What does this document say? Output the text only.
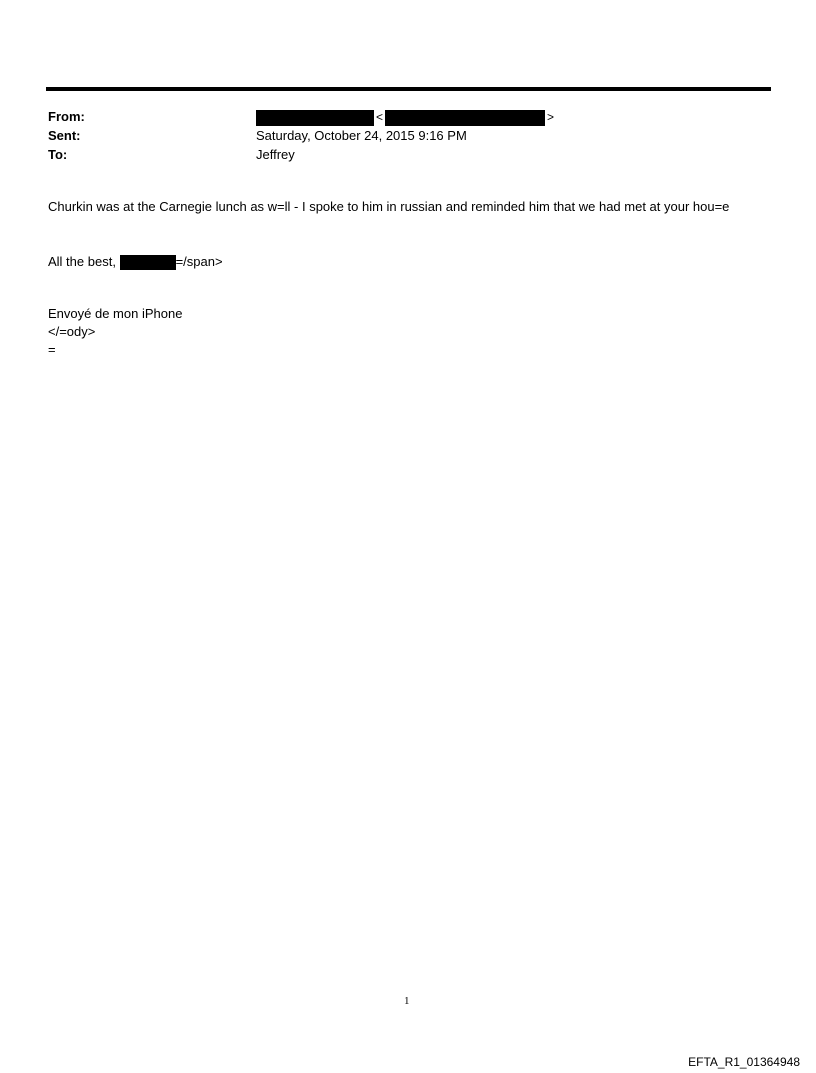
From:	<	>
Sent:	Saturday, October 24, 2015 9:16 PM
To:	Jeffrey
Churkin was at the Carnegie lunch as w=ll - I spoke to him in russian and reminded him that we had met at your hou=e
All the best,	=/span>
Envoyé de mon iPhone
</=ody>
=
1
EFTA_R1_01364948
